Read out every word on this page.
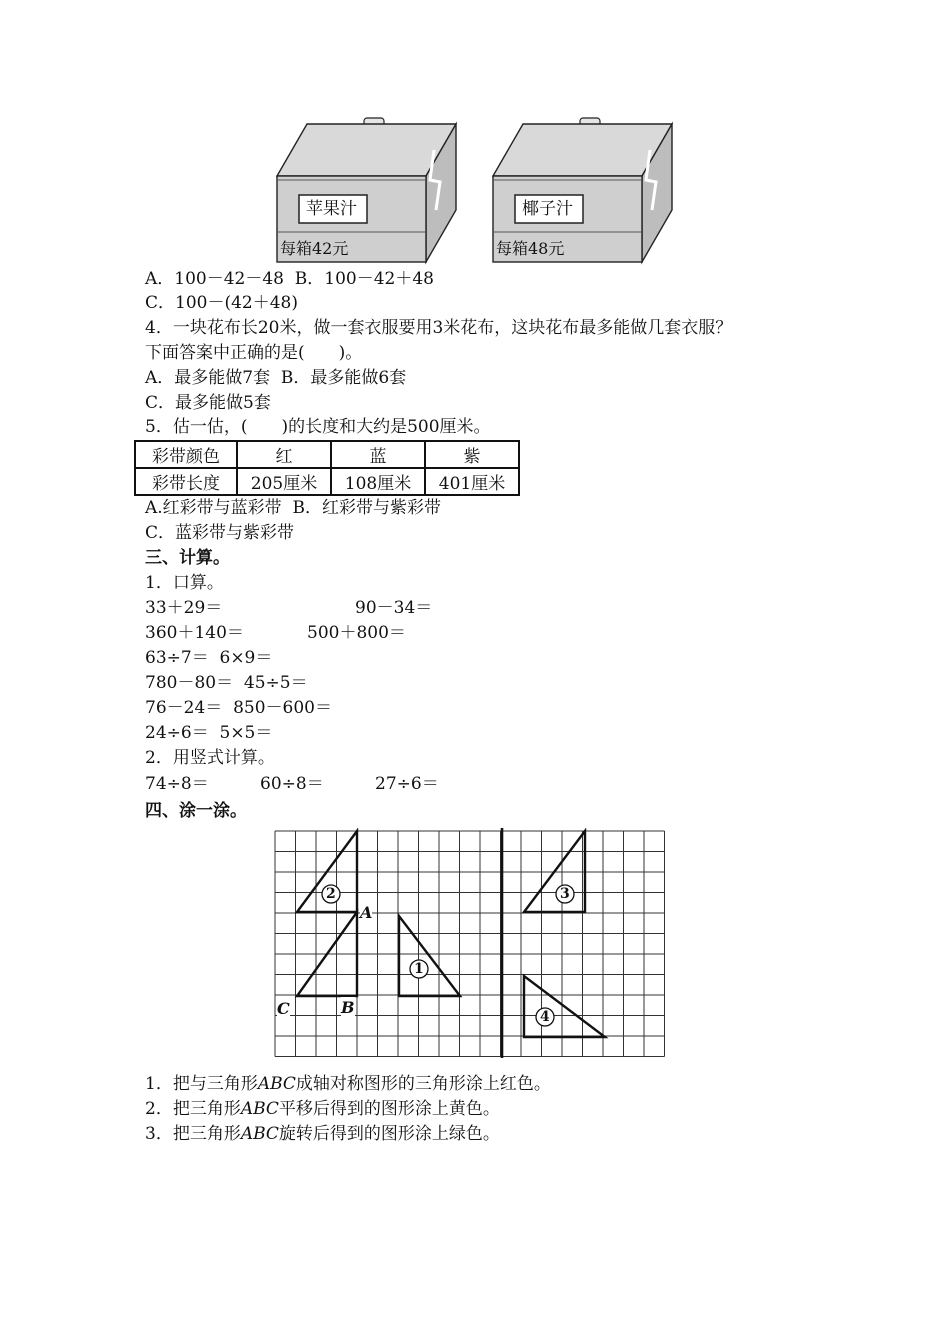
苹果汁
每箱42元
椰子汁
每箱48元
A．100－42－48  B．100－42＋48
C．100－(42＋48)
4．一块花布长20米，做一套衣服要用3米花布，这块花布最多能做几套衣服？
下面答案中正确的是(　　)。
A．最多能做7套  B．最多能做6套
C．最多能做5套
5．估一估，(　　)的长度和大约是500厘米。
彩带颜色	红	蓝	紫
彩带长度	205厘米	108厘米	401厘米
A.红彩带与蓝彩带  B．红彩带与紫彩带
C．蓝彩带与紫彩带
三、计算。
1．口算。
33＋29＝	90－34＝
360＋140＝	500＋800＝
63÷7＝  6×9＝
780－80＝  45÷5＝
76－24＝  850－600＝
24÷6＝  5×5＝
2．用竖式计算。
74÷8＝	60÷8＝	27÷6＝
四、涂一涂。
2
1
3
4
A
B
C
1．把与三角形ABC成轴对称图形的三角形涂上红色。
2．把三角形ABC平移后得到的图形涂上黄色。
3．把三角形ABC旋转后得到的图形涂上绿色。
